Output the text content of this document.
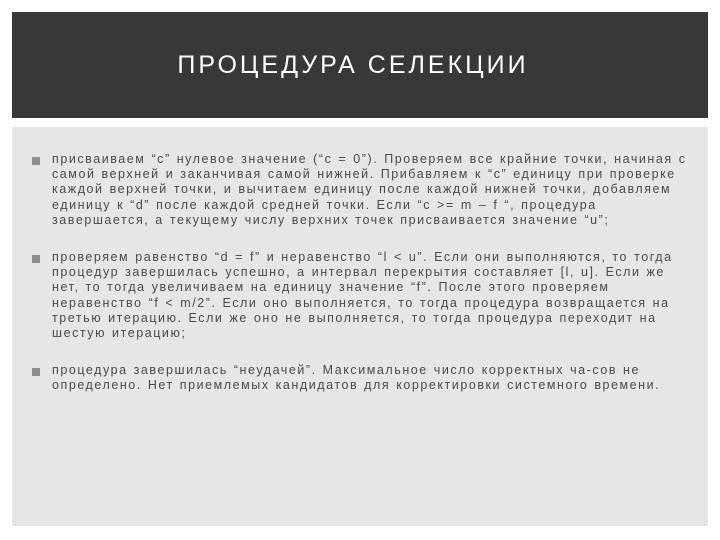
ПРОЦЕДУРА СЕЛЕКЦИИ

присваиваем “c” нулевое значение (“c = 0”). Проверяем все крайние точки, начиная с самой верхней и заканчивая самой нижней. Прибавляем к “c” единицу при проверке каждой верхней точки, и вычитаем единицу после каждой нижней точки, добавляем единицу к “d” после каждой средней точки. Если “c >= m – f “, процедура завершается, а текущему числу верхних точек присваивается значение “u”;

проверяем равенство “d = f” и неравенство “l < u”. Если они выполняются, то тогда процедур завершилась успешно, а интервал перекрытия составляет [l, u]. Если же нет, то тогда увеличиваем на единицу значение “f”. После этого проверяем неравенство “f < m/2”. Если оно выполняется, то тогда процедура возвращается на третью итерацию. Если же оно не выполняется, то тогда процедура переходит на шестую итерацию;

процедура завершилась “неудачей”. Максимальное число корректных ча-сов не определено. Нет приемлемых кандидатов для корректировки системного времени.
